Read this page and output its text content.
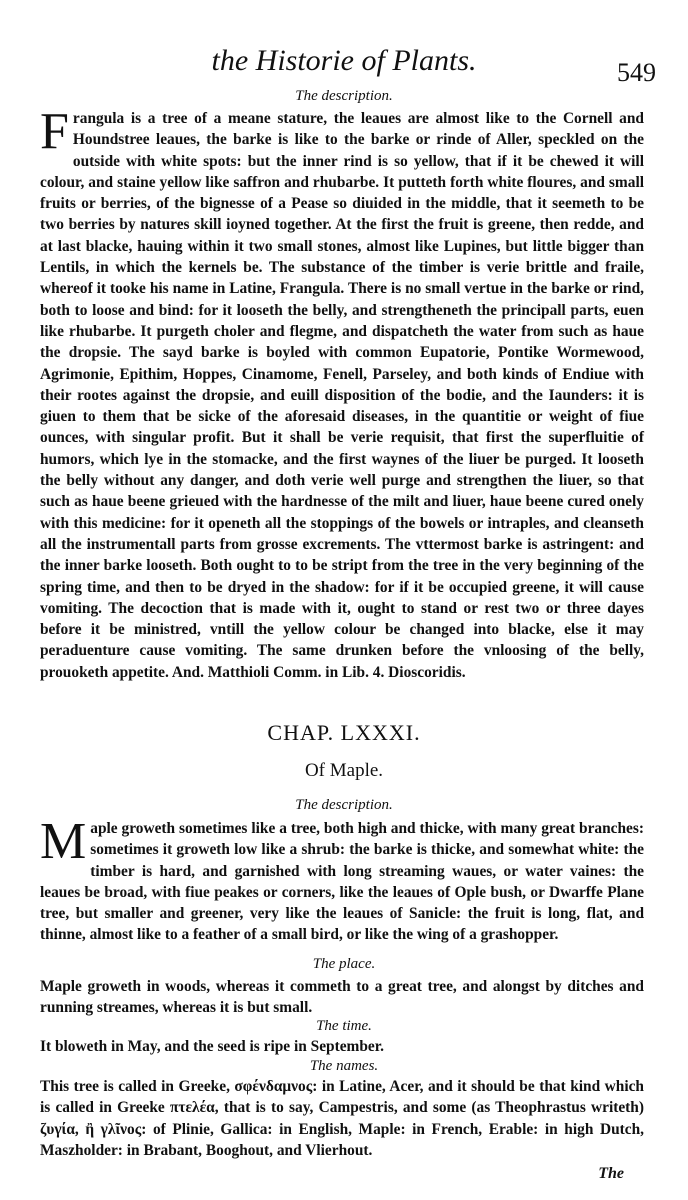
the Historie of Plants.	549

The description.

Frangula is a tree of a meane stature, the leaues are almost like to the Cornell and Houndstree leaues, the barke is like to the barke or rinde of Aller, speckled on the outside with white spots: but the inner rind is so yellow, that if it be chewed it will colour, and staine yellow like saffron and rhubarbe. It putteth forth white floures, and small fruits or berries, of the bignesse of a Pease so diuided in the middle, that it seemeth to be two berries by natures skill ioyned together. At the first the fruit is greene, then redde, and at last blacke, hauing within it two small stones, almost like Lupines, but little bigger than Lentils, in which the kernels be. The substance of the timber is verie brittle and fraile, whereof it tooke his name in Latine, Frangula. There is no small vertue in the barke or rind, both to loose and bind: for it looseth the belly, and strengtheneth the principall parts, euen like rhubarbe. It purgeth choler and flegme, and dispatcheth the water from such as haue the dropsie. The sayd barke is boyled with common Eupatorie, Pontike Wormewood, Agrimonie, Epithim, Hoppes, Cinamome, Fenell, Parseley, and both kinds of Endiue with their rootes against the dropsie, and euill disposition of the bodie, and the Iaunders: it is giuen to them that be sicke of the aforesaid diseases, in the quantitie or weight of fiue ounces, with singular profit. But it shall be verie requisit, that first the superfluitie of humors, which lye in the stomacke, and the first waynes of the liuer be purged. It looseth the belly without any danger, and doth verie well purge and strengthen the liuer, so that such as haue beene grieued with the hardnesse of the milt and liuer, haue beene cured onely with this medicine: for it openeth all the stoppings of the bowels or intraples, and cleanseth all the instrumentall parts from grosse excrements. The vttermost barke is astringent: and the inner barke looseth. Both ought to to be stript from the tree in the very beginning of the spring time, and then to be dryed in the shadow: for if it be occupied greene, it will cause vomiting. The decoction that is made with it, ought to stand or rest two or three dayes before it be ministred, vntill the yellow colour be changed into blacke, else it may peraduenture cause vomiting. The same drunken before the vnloosing of the belly, prouoketh appetite. And. Matthioli Comm. in Lib. 4. Dioscoridis.

CHAP. LXXXI.
Of Maple.

The description.

Maple groweth sometimes like a tree, both high and thicke, with many great branches: sometimes it groweth low like a shrub: the barke is thicke, and somewhat white: the timber is hard, and garnished with long streaming waues, or water vaines: the leaues be broad, with fiue peakes or corners, like the leaues of Ople bush, or Dwarffe Plane tree, but smaller and greener, very like the leaues of Sanicle: the fruit is long, flat, and thinne, almost like to a feather of a small bird, or like the wing of a grashopper.

The place.

Maple groweth in woods, whereas it commeth to a great tree, and alongst by ditches and running streames, whereas it is but small.

The time.

It bloweth in May, and the seed is ripe in September.

The names.

This tree is called in Greeke, σφένδαμνος: in Latine, Acer, and it should be that kind which is called in Greeke πτελέα, that is to say, Campestris, and some (as Theophrastus writeth) ζυγία, ἢ γλῖνος: of Plinie, Gallica: in English, Maple: in French, Erable: in high Dutch, Maszholder: in Brabant, Booghout, and Vlierhout.

The
